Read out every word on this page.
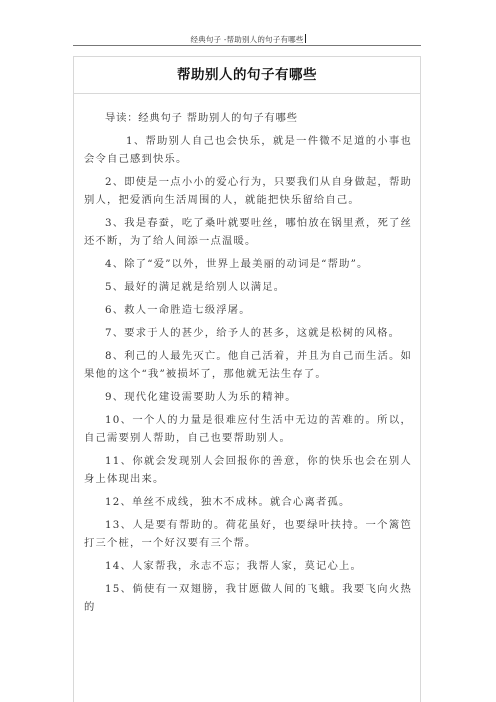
经典句子 -帮助别人的句子有哪些
帮助别人的句子有哪些

导读：经典句子 帮助别人的句子有哪些

1、帮助别人自己也会快乐，就是一件微不足道的小事也会令自己感到快乐。

2、即使是一点小小的爱心行为，只要我们从自身做起，帮助别人，把爱洒向生活周围的人，就能把快乐留给自己。

3、我是春蚕，吃了桑叶就要吐丝，哪怕放在锅里煮，死了丝还不断，为了给人间添一点温暖。

4、除了“爱”以外，世界上最美丽的动词是“帮助”。

5、最好的满足就是给别人以满足。

6、救人一命胜造七级浮屠。

7、要求于人的甚少，给予人的甚多，这就是松树的风格。

8、利己的人最先灭亡。他自己活着，并且为自己而生活。如果他的这个“我”被损坏了，那他就无法生存了。

9、现代化建设需要助人为乐的精神。

10、一个人的力量是很难应付生活中无边的苦难的。所以，自己需要别人帮助，自己也要帮助别人。

11、你就会发现别人会回报你的善意，你的快乐也会在别人身上体现出来。

12、单丝不成线，独木不成林。就合心离者孤。

13、人是要有帮助的。荷花虽好，也要绿叶扶持。一个篱笆打三个桩，一个好汉要有三个帮。

14、人家帮我，永志不忘；我帮人家，莫记心上。

15、倘使有一双翅膀，我甘愿做人间的飞蛾。我要飞向火热的
